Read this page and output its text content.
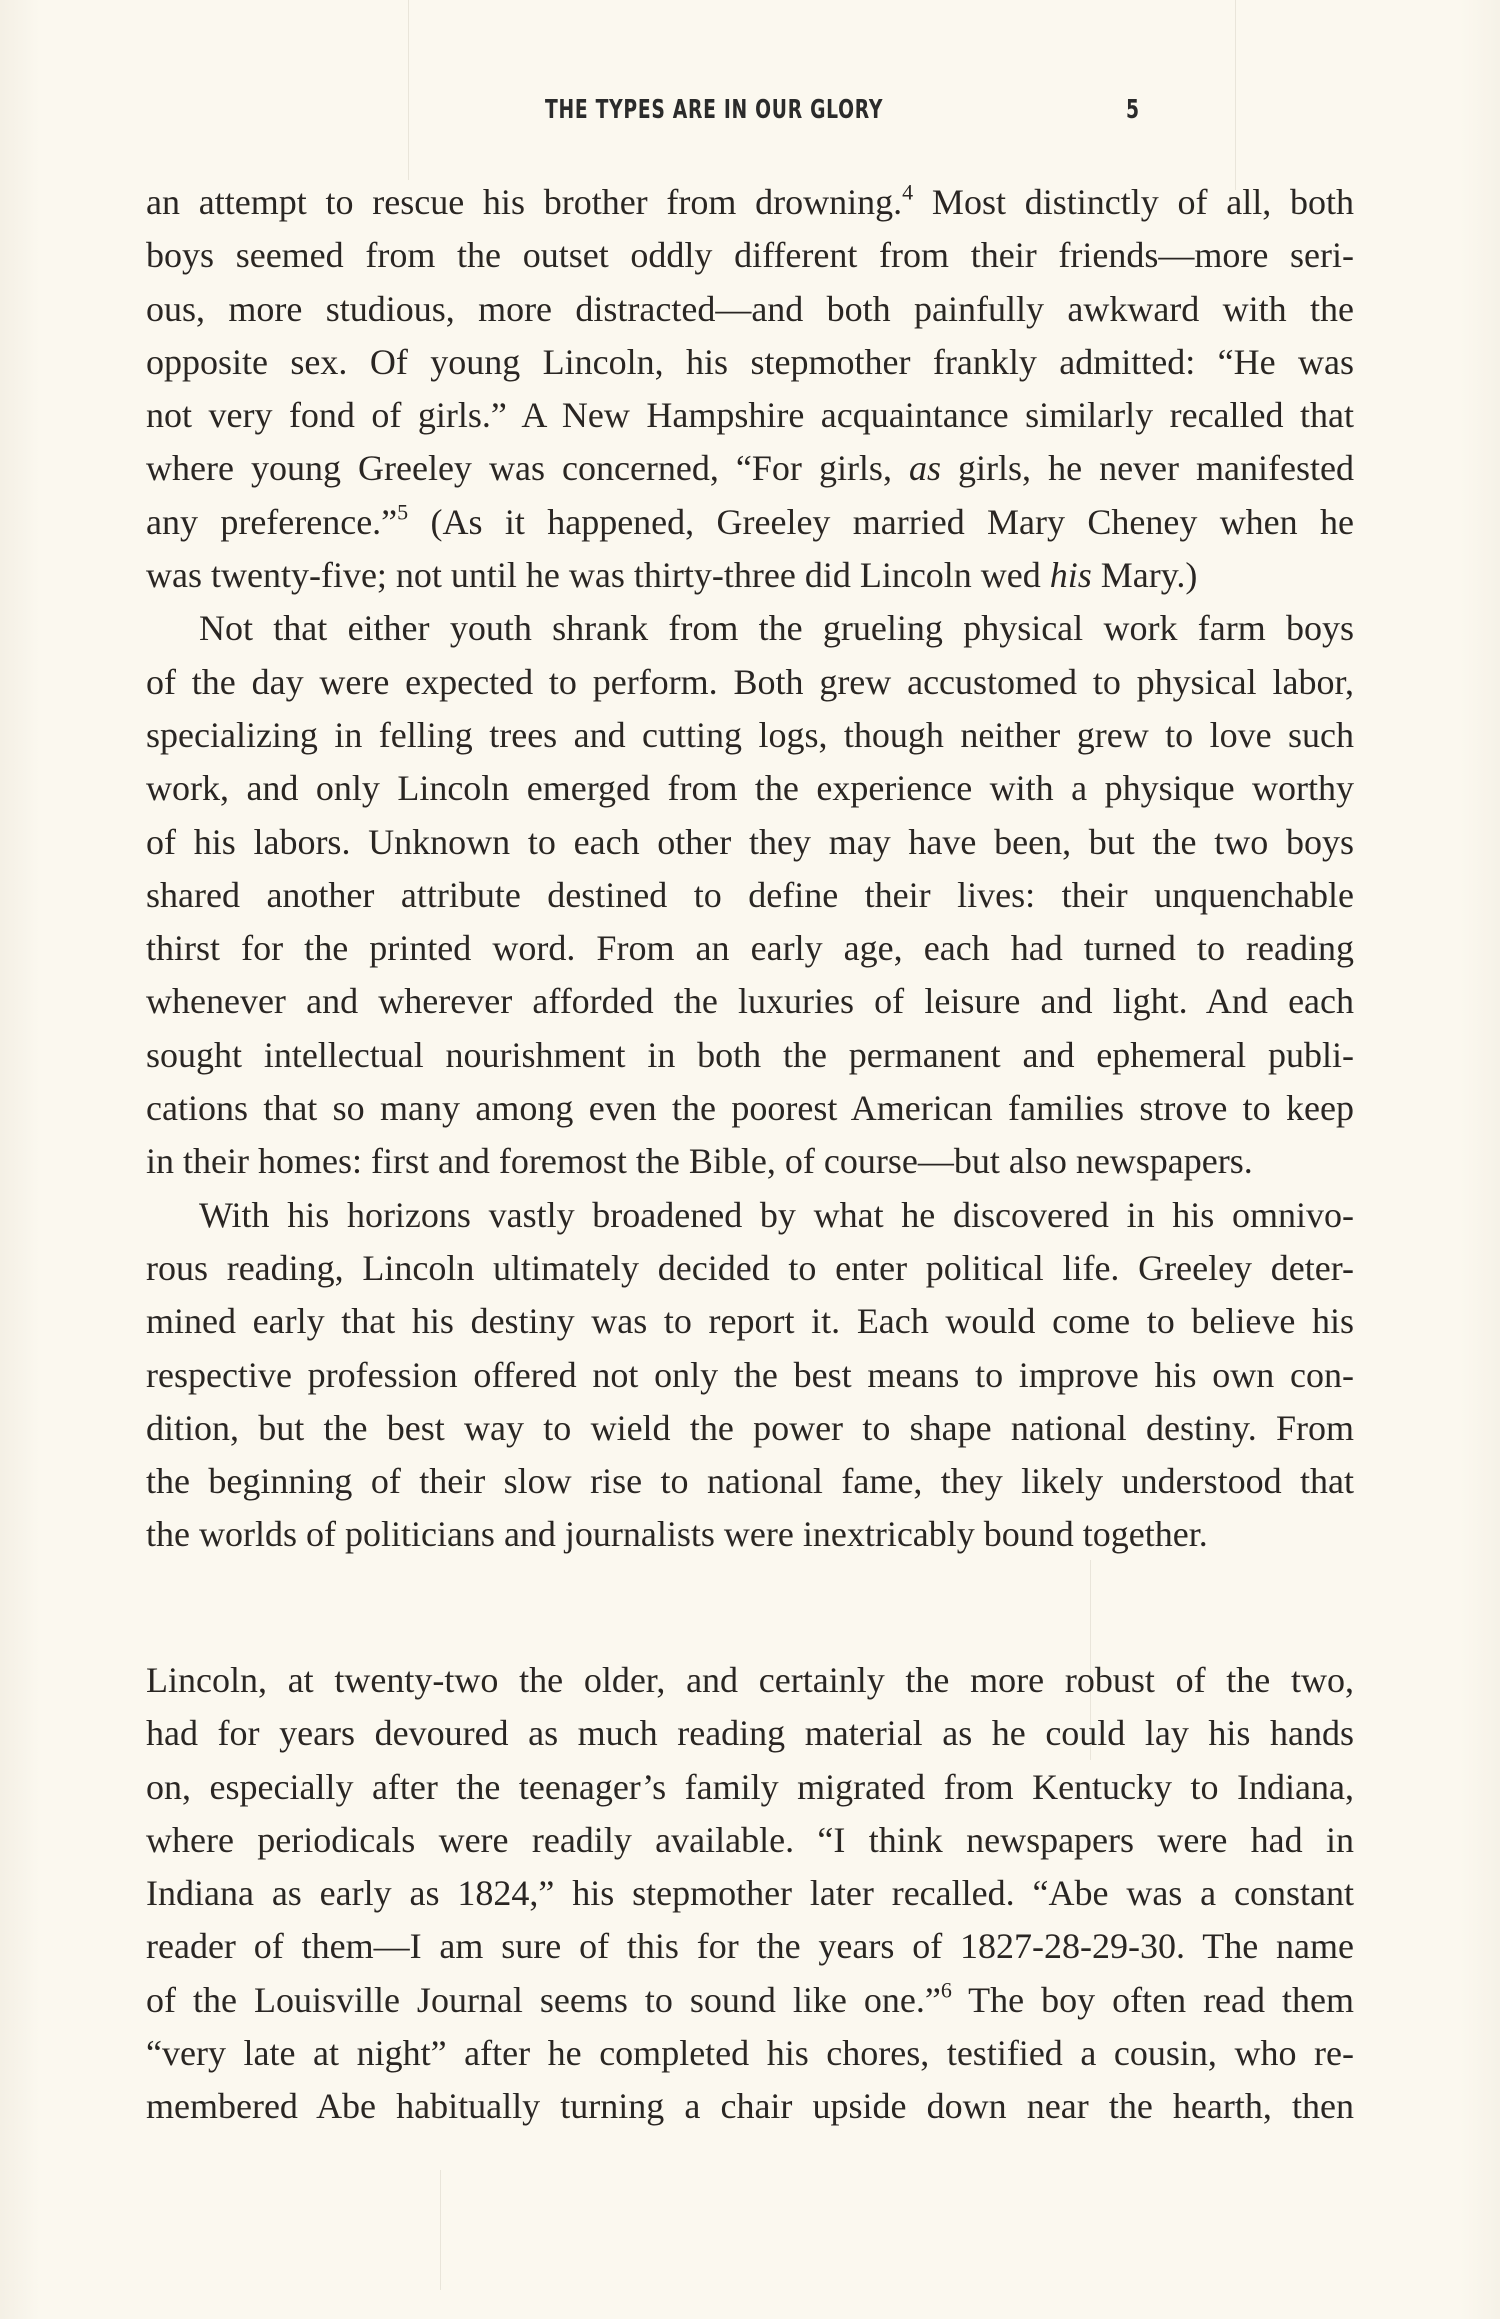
THE TYPES ARE IN OUR GLORY	5
an attempt to rescue his brother from drowning.$^4$ Most distinctly of all, both
boys seemed from the outset oddly different from their friends—more seri-
ous, more studious, more distracted—and both painfully awkward with the
opposite sex. Of young Lincoln, his stepmother frankly admitted: “He was
not very fond of girls.” A New Hampshire acquaintance similarly recalled that
where young Greeley was concerned, “For girls, as girls, he never manifested
any preference.”$^5$ (As it happened, Greeley married Mary Cheney when he
was twenty-five; not until he was thirty-three did Lincoln wed his Mary.)
Not that either youth shrank from the grueling physical work farm boys
of the day were expected to perform. Both grew accustomed to physical labor,
specializing in felling trees and cutting logs, though neither grew to love such
work, and only Lincoln emerged from the experience with a physique worthy
of his labors. Unknown to each other they may have been, but the two boys
shared another attribute destined to define their lives: their unquenchable
thirst for the printed word. From an early age, each had turned to reading
whenever and wherever afforded the luxuries of leisure and light. And each
sought intellectual nourishment in both the permanent and ephemeral publi-
cations that so many among even the poorest American families strove to keep
in their homes: first and foremost the Bible, of course—but also newspapers.
With his horizons vastly broadened by what he discovered in his omnivo-
rous reading, Lincoln ultimately decided to enter political life. Greeley deter-
mined early that his destiny was to report it. Each would come to believe his
respective profession offered not only the best means to improve his own con-
dition, but the best way to wield the power to shape national destiny. From
the beginning of their slow rise to national fame, they likely understood that
the worlds of politicians and journalists were inextricably bound together.
Lincoln, at twenty-two the older, and certainly the more robust of the two,
had for years devoured as much reading material as he could lay his hands
on, especially after the teenager’s family migrated from Kentucky to Indiana,
where periodicals were readily available. “I think newspapers were had in
Indiana as early as 1824,” his stepmother later recalled. “Abe was a constant
reader of them—I am sure of this for the years of 1827-28-29-30. The name
of the Louisville Journal seems to sound like one.”$^6$ The boy often read them
“very late at night” after he completed his chores, testified a cousin, who re-
membered Abe habitually turning a chair upside down near the hearth, then
